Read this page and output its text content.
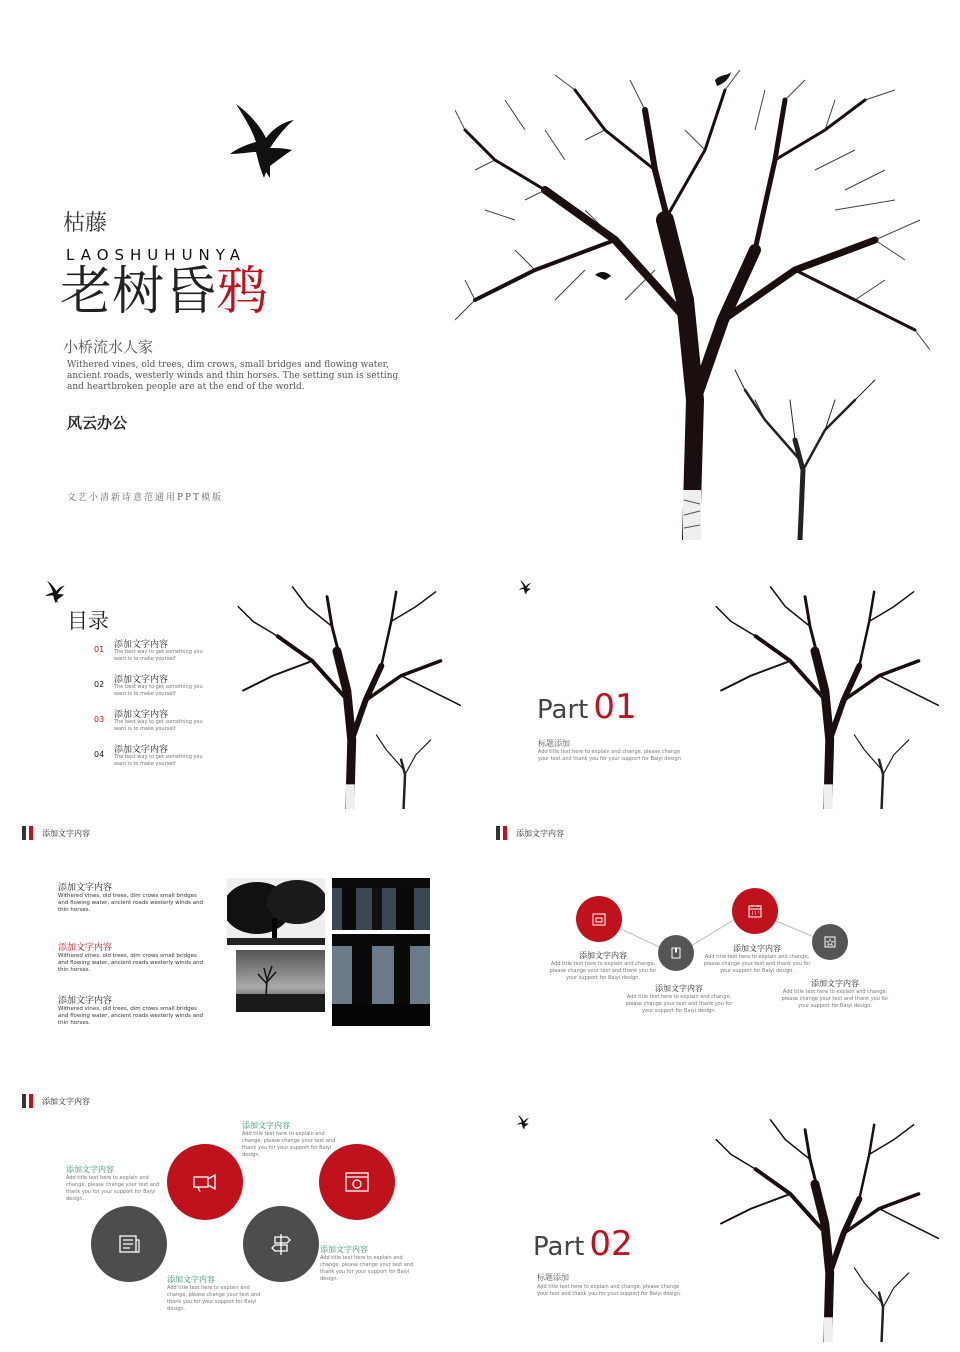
枯藤
LAOSHUHUNYA
老树昏鸦
小桥流水人家
Withered vines, old trees, dim crows, small bridges and flowing water, ancient roads, westerly winds and thin horses. The setting sun is setting and heartbroken people are at the end of the world.
风云办公
文艺小清新诗意范通用PPT模版
目录
01 添加文字内容
The best way to get something you want is to make yourself
02 添加文字内容
The best way to get something you want is to make yourself
03 添加文字内容
The best way to get something you want is to make yourself
04 添加文字内容
The best way to get something you want is to make yourself
Part 01
标题添加
Add title text here to explain and change, please change your text and thank you for your support for Baiyi design.
添加文字内容
添加文字内容
Withered vines, old trees, dim crows small bridges and flowing water, ancient roads westerly winds and thin horses.
添加文字内容
Withered vines, old trees, dim crows small bridges and flowing water, ancient roads westerly winds and thin horses.
添加文字内容
Withered vines, old trees, dim crows small bridges and flowing water, ancient roads westerly winds and thin horses.
添加文字内容
添加文字内容
Add title text here to explain and change, please change your text and thank you for your support for Baiyi design.
添加文字内容
Add title text here to explain and change, please change your text and thank you for your support for Baiyi design.
添加文字内容
Add title text here to explain and change, please change your text and thank you for your support for Baiyi design.
添加文字内容
Add title text here to explain and change, please change your text and thank you for your support for Baiyi design.
添加文字内容
添加文字内容
Add title text here to explain and change, please change your text and thank you for your support for Baiyi design.
添加文字内容
Add title text here to explain and change, please change your text and thank you for your support for Baiyi design.
添加文字内容
Add title text here to explain and change, please change your text and thank you for your support for Baiyi design.
添加文字内容
Add title text here to explain and change, please change your text and thank you for your support for Baiyi design.
Part 02
标题添加
Add title text here to explain and change, please change your text and thank you for your support for Baiyi design.
